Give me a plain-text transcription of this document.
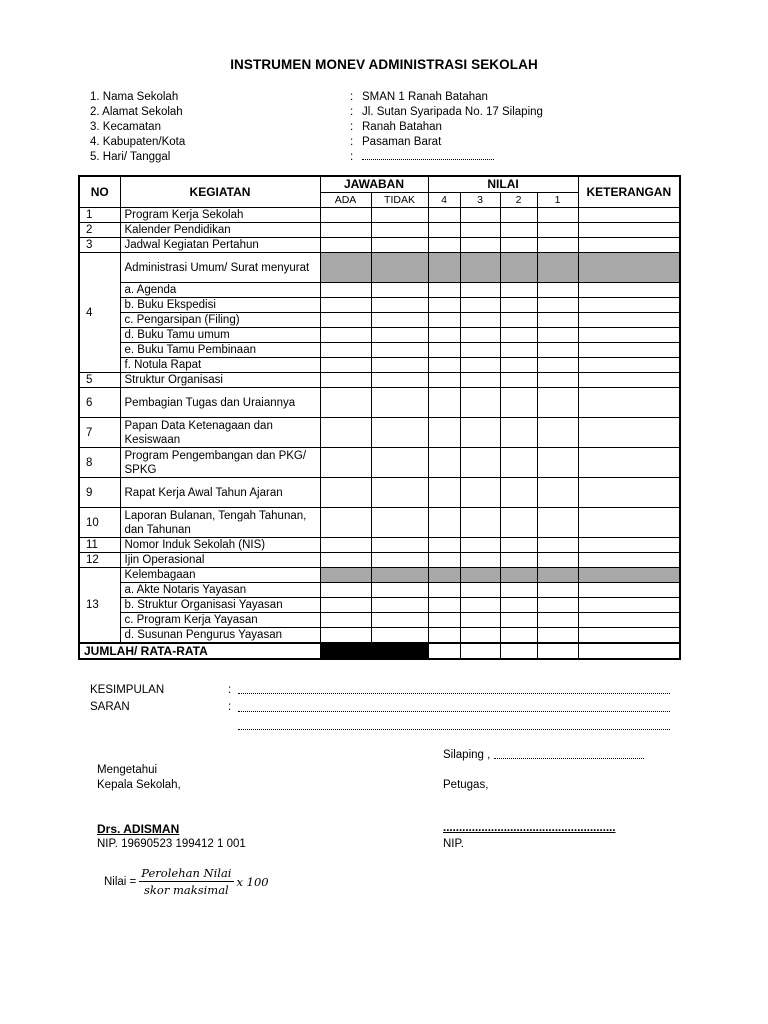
INSTRUMEN MONEV ADMINISTRASI SEKOLAH
1. Nama Sekolah	: SMAN 1 Ranah Batahan
2. Alamat Sekolah	: Jl. Sutan Syaripada No. 17 Silaping
3. Kecamatan	: Ranah Batahan
4. Kabupaten/Kota	: Pasaman Barat
5. Hari/ Tanggal	:
NO	KEGIATAN	JAWABAN		NILAI				KETERANGAN
		ADA	TIDAK	4	3	2	1	
1	Program Kerja Sekolah							
2	Kalender Pendidikan							
3	Jadwal Kegiatan Pertahun							
4	Administrasi Umum/ Surat menyurat							
	a. Agenda							
	b. Buku Ekspedisi							
	c. Pengarsipan (Filing)							
	d. Buku Tamu umum							
	e. Buku Tamu Pembinaan							
	f. Notula Rapat							
5	Struktur Organisasi							
6	Pembagian Tugas dan Uraiannya							
7	Papan Data Ketenagaan dan Kesiswaan							
8	Program Pengembangan dan PKG/ SPKG							
9	Rapat Kerja Awal Tahun Ajaran							
10	Laporan Bulanan, Tengah Tahunan, dan Tahunan							
11	Nomor Induk Sekolah (NIS)							
12	Ijin Operasional							
13	Kelembagaan							
	a. Akte Notaris Yayasan							
	b. Struktur Organisasi Yayasan							
	c. Program Kerja Yayasan							
	d. Susunan Pengurus Yayasan							
JUMLAH/ RATA-RATA								
KESIMPULAN	:
SARAN	:
Silaping ,
Mengetahui
Kepala Sekolah,	Petugas,
Drs. ADISMAN	......................................................
NIP. 19690523 199412 1 001	NIP.
Nilai = $\frac{\text{Perolehan Nilai}}{\text{skor maksimal}}$ x 100
